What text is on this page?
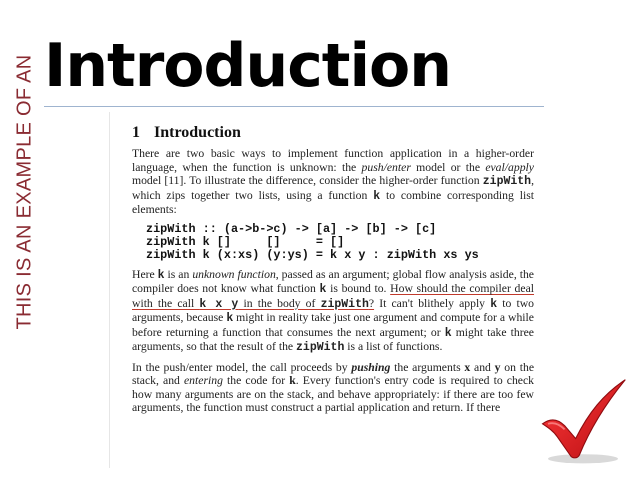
THIS IS AN EXAMPLE OF AN Introduction
1 Introduction

There are two basic ways to implement function application in a higher-order language, when the function is unknown: the push/enter model or the eval/apply model [11]. To illustrate the difference, consider the higher-order function zipWith, which zips together two lists, using a function k to combine corresponding list elements:

zipWith :: (a->b->c) -> [a] -> [b] -> [c]
zipWith k []     []     = []
zipWith k (x:xs) (y:ys) = k x y : zipWith xs ys

Here k is an unknown function, passed as an argument; global flow analysis aside, the compiler does not know what function k is bound to. How should the compiler deal with the call k x y in the body of zipWith? It can't blithely apply k to two arguments, because k might in reality take just one argument and compute for a while before returning a function that consumes the next argument; or k might take three arguments, so that the result of the zipWith is a list of functions.

In the push/enter model, the call proceeds by pushing the arguments x and y on the stack, and entering the code for k. Every function's entry code is required to check how many arguments are on the stack, and behave appropriately: if there are too few arguments, the function must construct a partial application and return. If there
